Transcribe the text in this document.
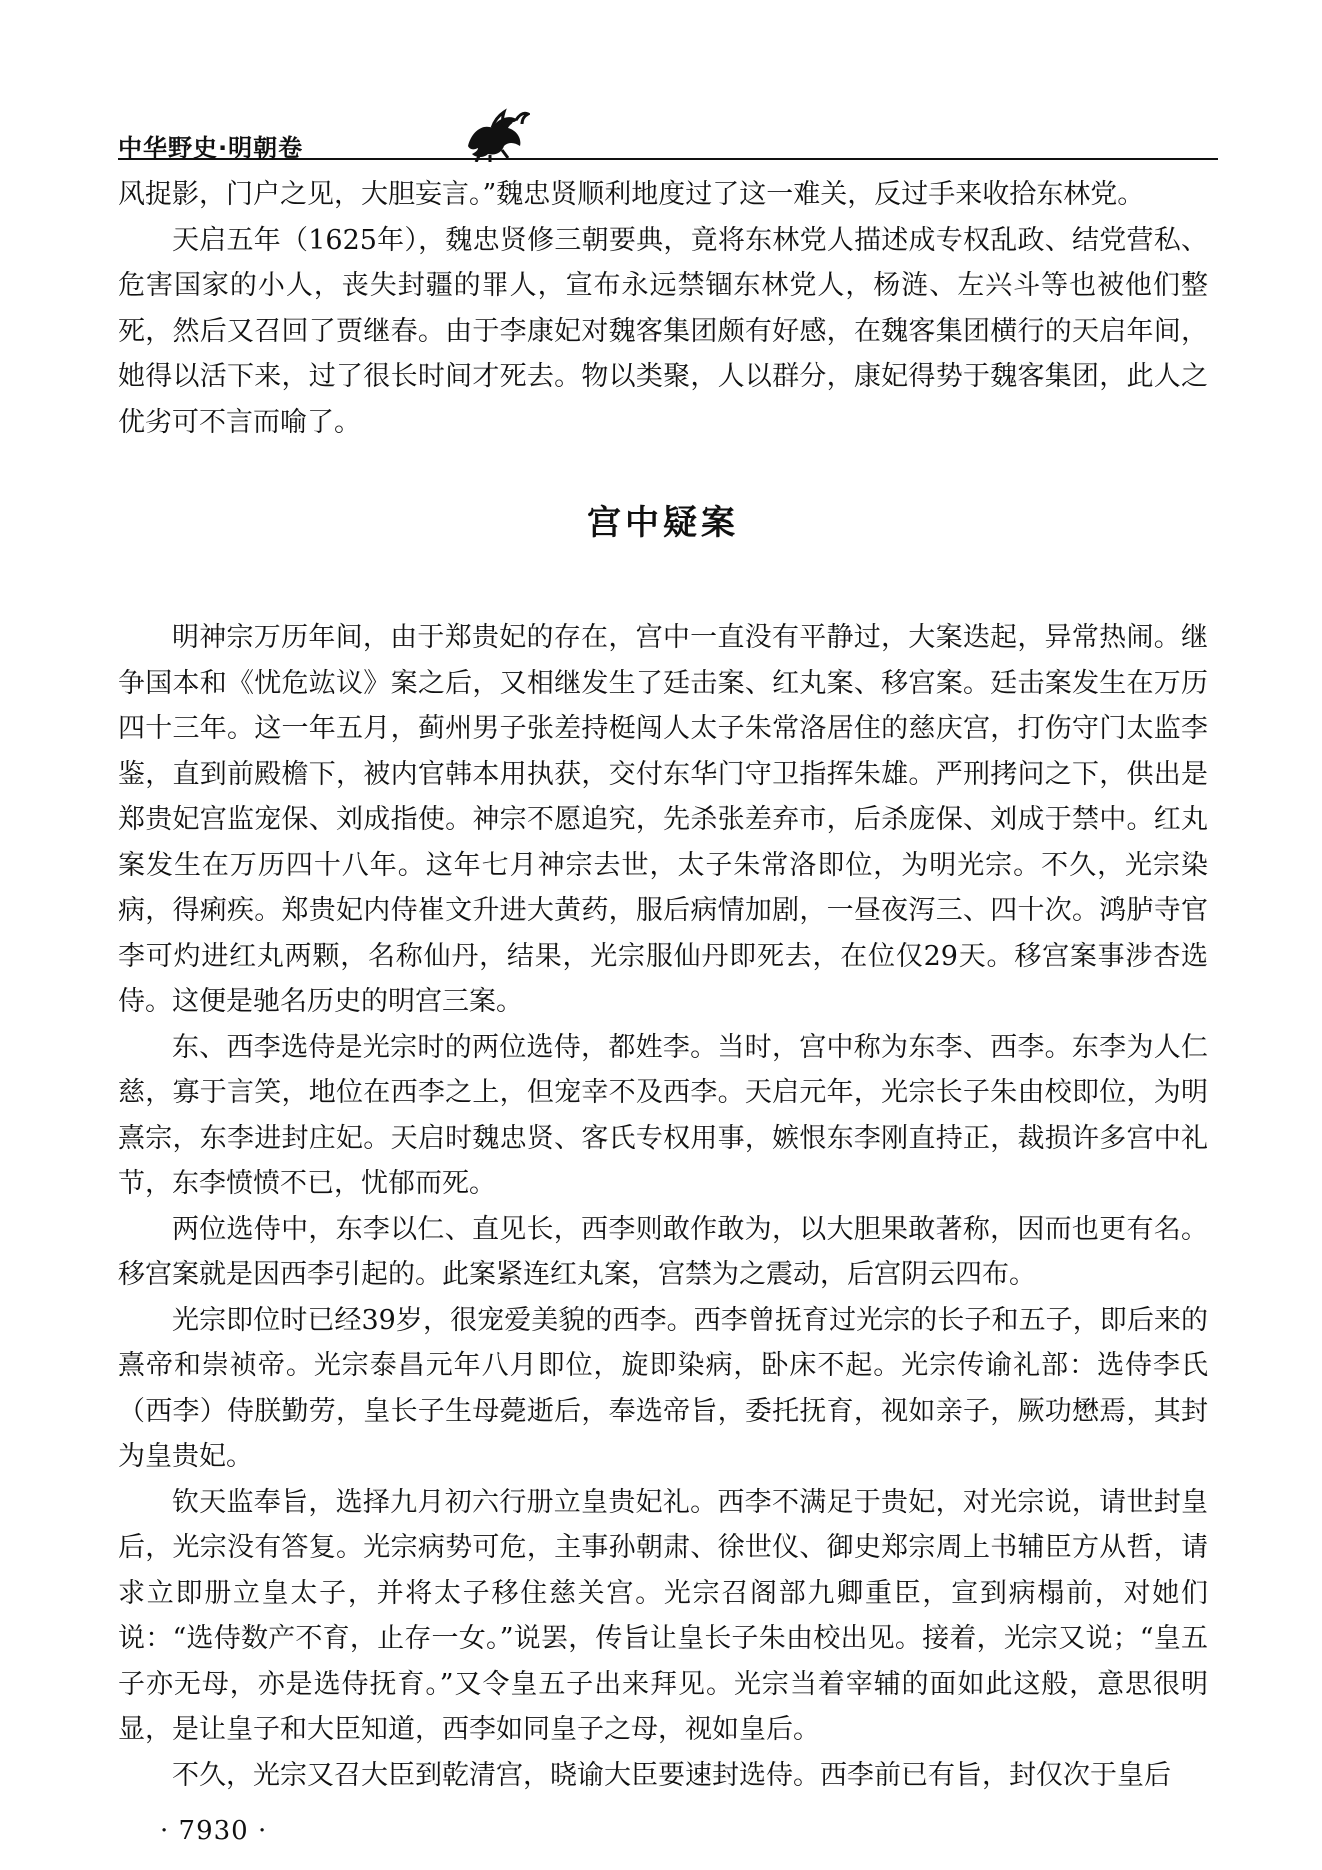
中华野史·明朝卷

风捉影，门户之见，大胆妄言。”魏忠贤顺利地度过了这一难关，反过手来收拾东林党。

天启五年（1625年），魏忠贤修三朝要典，竟将东林党人描述成专权乱政、结党营私、危害国家的小人，丧失封疆的罪人，宣布永远禁锢东林党人，杨涟、左兴斗等也被他们整死，然后又召回了贾继春。由于李康妃对魏客集团颇有好感，在魏客集团横行的天启年间，她得以活下来，过了很长时间才死去。物以类聚，人以群分，康妃得势于魏客集团，此人之优劣可不言而喻了。

宫中疑案

明神宗万历年间，由于郑贵妃的存在，宫中一直没有平静过，大案迭起，异常热闹。继争国本和《忧危竑议》案之后，又相继发生了廷击案、红丸案、移宫案。廷击案发生在万历四十三年。这一年五月，蓟州男子张差持梃闯人太子朱常洛居住的慈庆宫，打伤守门太监李鉴，直到前殿檐下，被内官韩本用执获，交付东华门守卫指挥朱雄。严刑拷问之下，供出是郑贵妃宫监宠保、刘成指使。神宗不愿追究，先杀张差弃市，后杀庞保、刘成于禁中。红丸案发生在万历四十八年。这年七月神宗去世，太子朱常洛即位，为明光宗。不久，光宗染病，得痢疾。郑贵妃内侍崔文升进大黄药，服后病情加剧，一昼夜泻三、四十次。鸿胪寺官李可灼进红丸两颗，名称仙丹，结果，光宗服仙丹即死去，在位仅29天。移宫案事涉杏选侍。这便是驰名历史的明宫三案。

东、西李选侍是光宗时的两位选侍，都姓李。当时，宫中称为东李、西李。东李为人仁慈，寡于言笑，地位在西李之上，但宠幸不及西李。天启元年，光宗长子朱由校即位，为明熹宗，东李进封庄妃。天启时魏忠贤、客氏专权用事，嫉恨东李刚直持正，裁损许多宫中礼节，东李愤愤不已，忧郁而死。

两位选侍中，东李以仁、直见长，西李则敢作敢为，以大胆果敢著称，因而也更有名。移宫案就是因西李引起的。此案紧连红丸案，宫禁为之震动，后宫阴云四布。

光宗即位时已经39岁，很宠爱美貌的西李。西李曾抚育过光宗的长子和五子，即后来的熹帝和崇祯帝。光宗泰昌元年八月即位，旋即染病，卧床不起。光宗传谕礼部：选侍李氏（西李）侍朕勤劳，皇长子生母薨逝后，奉选帝旨，委托抚育，视如亲子，厥功懋焉，其封为皇贵妃。

钦天监奉旨，选择九月初六行册立皇贵妃礼。西李不满足于贵妃，对光宗说，请世封皇后，光宗没有答复。光宗病势可危，主事孙朝肃、徐世仪、御史郑宗周上书辅臣方从哲，请求立即册立皇太子，并将太子移住慈关宫。光宗召阁部九卿重臣，宣到病榻前，对她们说：“选侍数产不育，止存一女。”说罢，传旨让皇长子朱由校出见。接着，光宗又说；“皇五子亦无母，亦是选侍抚育。”又令皇五子出来拜见。光宗当着宰辅的面如此这般，意思很明显，是让皇子和大臣知道，西李如同皇子之母，视如皇后。

不久，光宗又召大臣到乾清宫，晓谕大臣要速封选侍。西李前已有旨，封仅次于皇后

· 7930 ·
